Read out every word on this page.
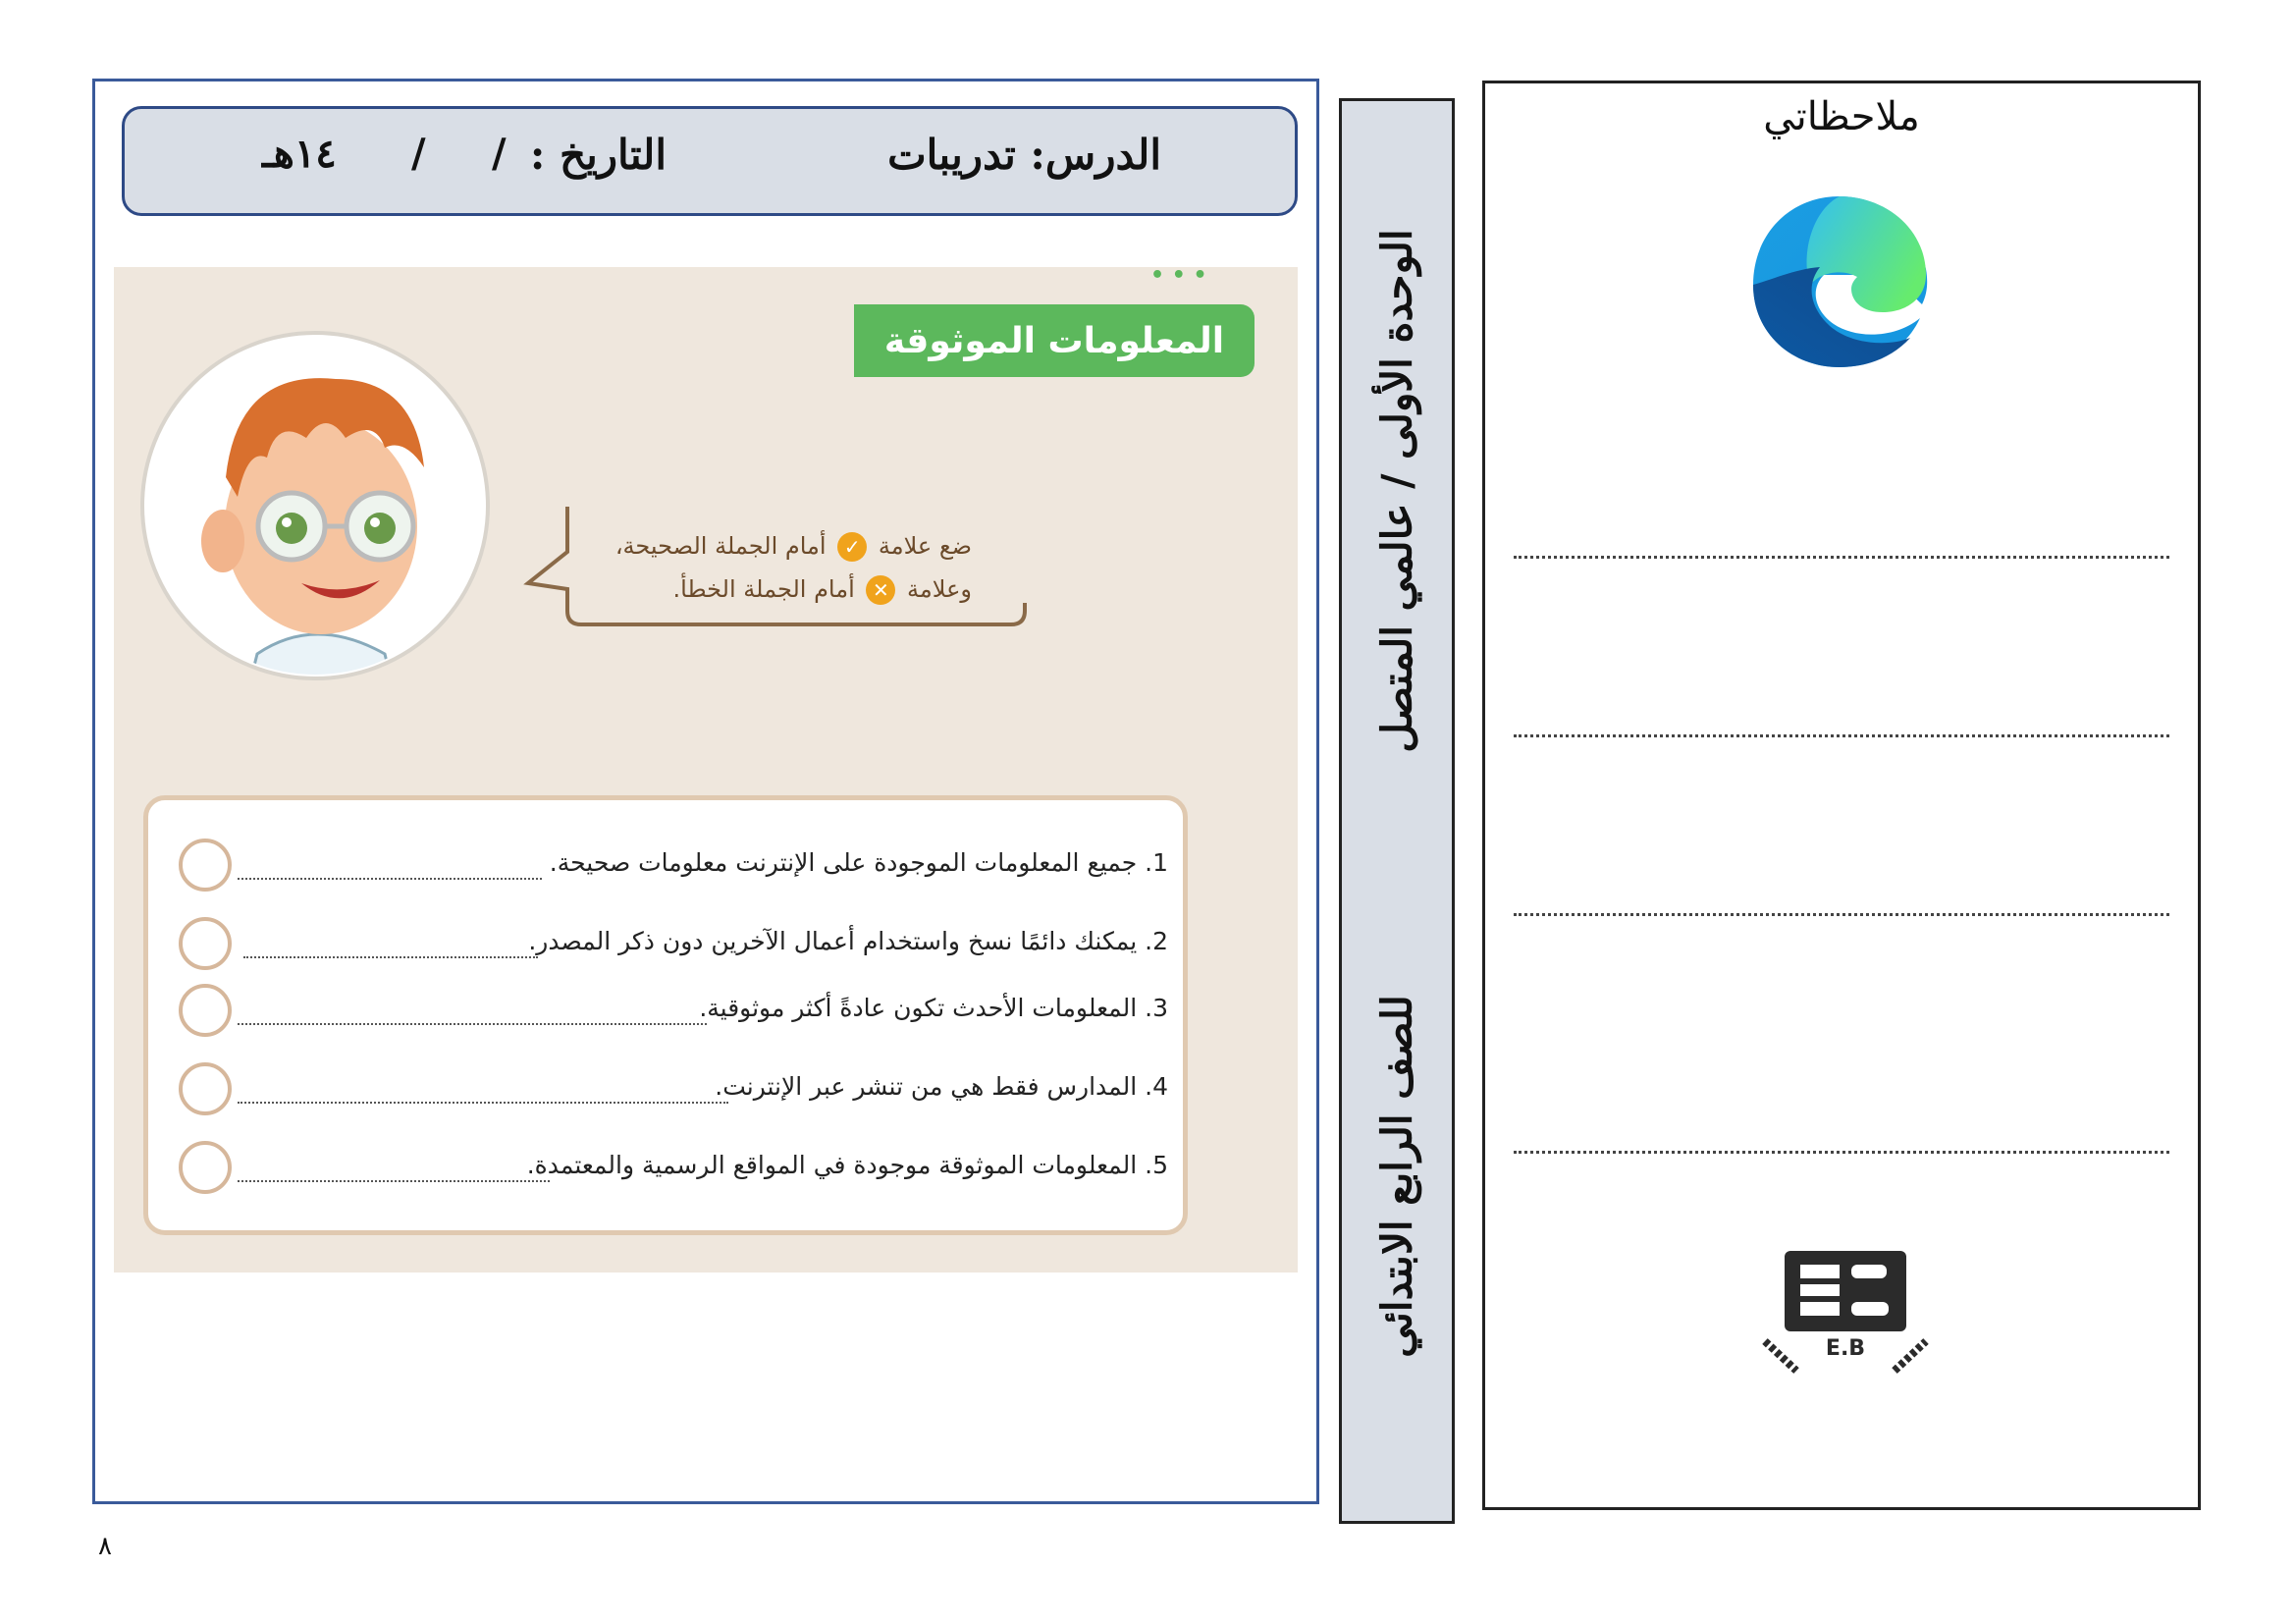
الدرس: تدريبات
التاريخ :
/
/
١٤هـ
• • •
المعلومات الموثوقة
ضع علامة ✓ أمام الجملة الصحيحة،
وعلامة ✕ أمام الجملة الخطأ.
1. جميع المعلومات الموجودة على الإنترنت معلومات صحيحة.
2. يمكنك دائمًا نسخ واستخدام أعمال الآخرين دون ذكر المصدر.
3. المعلومات الأحدث تكون عادةً أكثر موثوقية.
4. المدارس فقط هي من تنشر عبر الإنترنت.
5. المعلومات الموثوقة موجودة في المواقع الرسمية والمعتمدة.
الوحدة الأولى / عالمي المتصل
للصف الرابع الابتدائي
ملاحظاتي
E.B
٨
